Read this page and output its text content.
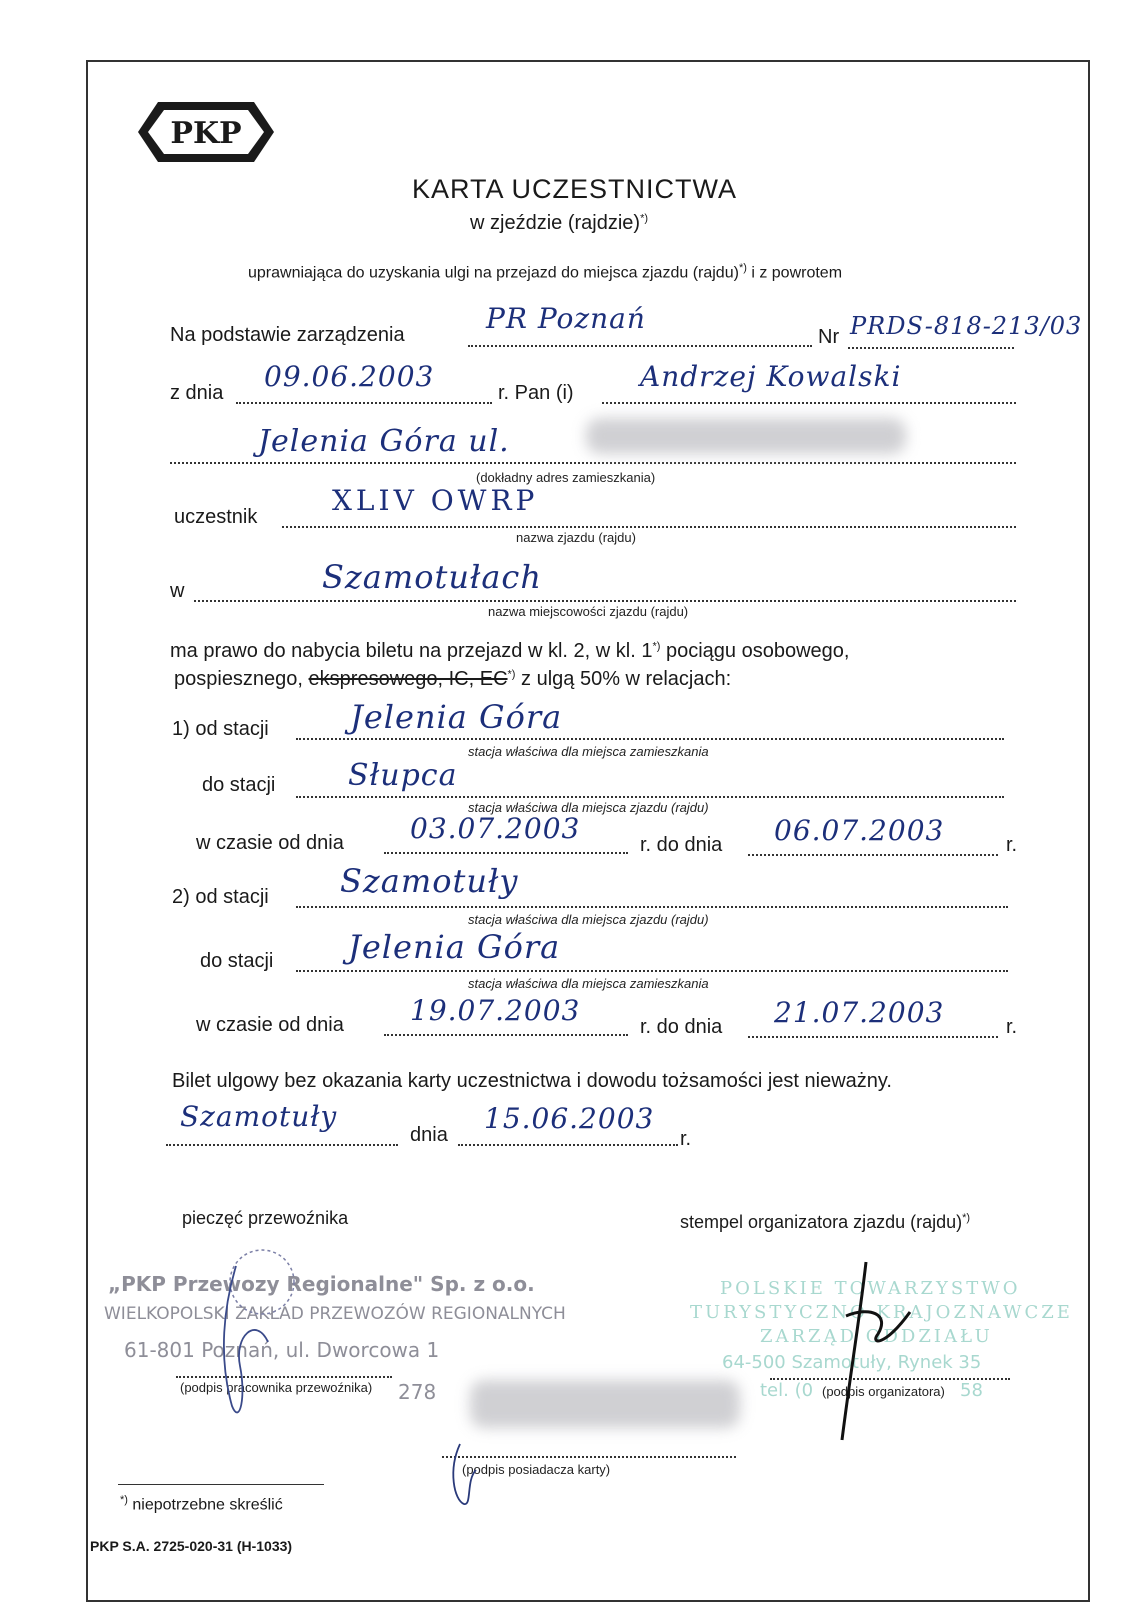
PKP
KARTA UCZESTNICTWA
w zjeździe (rajdzie)*)
uprawniająca do uzyskania ulgi na przejazd do miejsca zjazdu (rajdu)*) i z powrotem
Na podstawie zarządzenia	PR Poznań
Nr PRDS-818-213/03
z dnia 09.06.2003	r. Pan (i) Andrzej Kowalski
Jelenia Góra ul.
(dokładny adres zamieszkania)
uczestnik	XLIV OWRP
nazwa zjazdu (rajdu)
w	Szamotułach
nazwa miejscowości zjazdu (rajdu)
ma prawo do nabycia biletu na przejazd w kl. 2, w kl. 1*) pociągu osobowego,
pospiesznego, ekspresowego, IC, EC*) z ulgą 50% w relacjach:
1) od stacji	Jelenia Góra
stacja właściwa dla miejsca zamieszkania
do stacji Słupca
stacja właściwa dla miejsca zjazdu (rajdu)
w czasie od dnia 03.07.2003	r. do dnia 06.07.2003	r.
2) od stacji Szamotuły
stacja właściwa dla miejsca zjazdu (rajdu)
do stacji Jelenia Góra
stacja właściwa dla miejsca zamieszkania
w czasie od dnia 19.07.2003	r. do dnia 21.07.2003	r.
Bilet ulgowy bez okazania karty uczestnictwa i dowodu tożsamości jest nieważny.
Szamotuły
dnia 15.06.2003
r.
pieczęć przewoźnika	stempel organizatora zjazdu (rajdu)*)
„PKP Przewozy Regionalne" Sp. z o.o.
WIELKOPOLSKI ZAKŁAD PRZEWOZÓW REGIONALNYCH
61-801 Poznań, ul. Dworcowa 1
278
(podpis pracownika przewoźnika)
POLSKIE TOWARZYSTWO
TURYSTYCZNO KRAJOZNAWCZE
ZARZĄD ODDZIAŁU
64-500 Szamotuły, Rynek 35
tel. (0	58
(podpis organizatora)
(podpis posiadacza karty)
*) niepotrzebne skreślić
PKP S.A. 2725-020-31 (H-1033)
